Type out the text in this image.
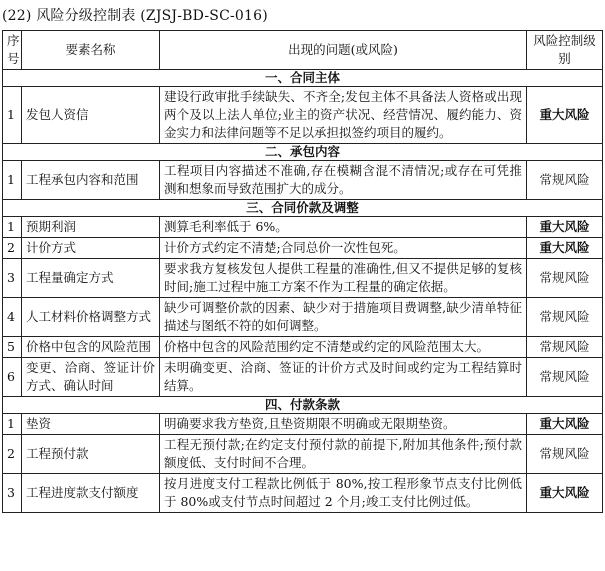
(22) 风险分级控制表 (ZJSJ-BD-SC-016)
序号	要素名称	出现的问题(或风险)	风险控制级别
一、合同主体			
1	发包人资信	建设行政审批手续缺失、不齐全;发包主体不具备法人资格或出现两个及以上法人单位;业主的资产状况、经营情况、履约能力、资金实力和法律问题等不足以承担拟签约项目的履约。	重大风险
二、承包内容			
1	工程承包内容和范围	工程项目内容描述不准确,存在模糊含混不清情况;或存在可凭推测和想象而导致范围扩大的成分。	常规风险
三、合同价款及调整			
1	预期利润	测算毛利率低于 6%。	重大风险
2	计价方式	计价方式约定不清楚;合同总价一次性包死。	重大风险
3	工程量确定方式	要求我方复核发包人提供工程量的准确性,但又不提供足够的复核时间;施工过程中施工方案不作为工程量的确定依据。	常规风险
4	人工材料价格调整方式	缺少可调整价款的因素、缺少对于措施项目费调整,缺少清单特征描述与图纸不符的如何调整。	常规风险
5	价格中包含的风险范围	价格中包含的风险范围约定不清楚或约定的风险范围太大。	常规风险
6	变更、洽商、签证计价方式、确认时间	未明确变更、洽商、签证的计价方式及时间或约定为工程结算时结算。	常规风险
四、付款条款			
1	垫资	明确要求我方垫资,且垫资期限不明确或无限期垫资。	重大风险
2	工程预付款	工程无预付款;在约定支付预付款的前提下,附加其他条件;预付款额度低、支付时间不合理。	常规风险
3	工程进度款支付额度	按月进度支付工程款比例低于 80%,按工程形象节点支付比例低于 80%或支付节点时间超过 2 个月;竣工支付比例过低。	重大风险
